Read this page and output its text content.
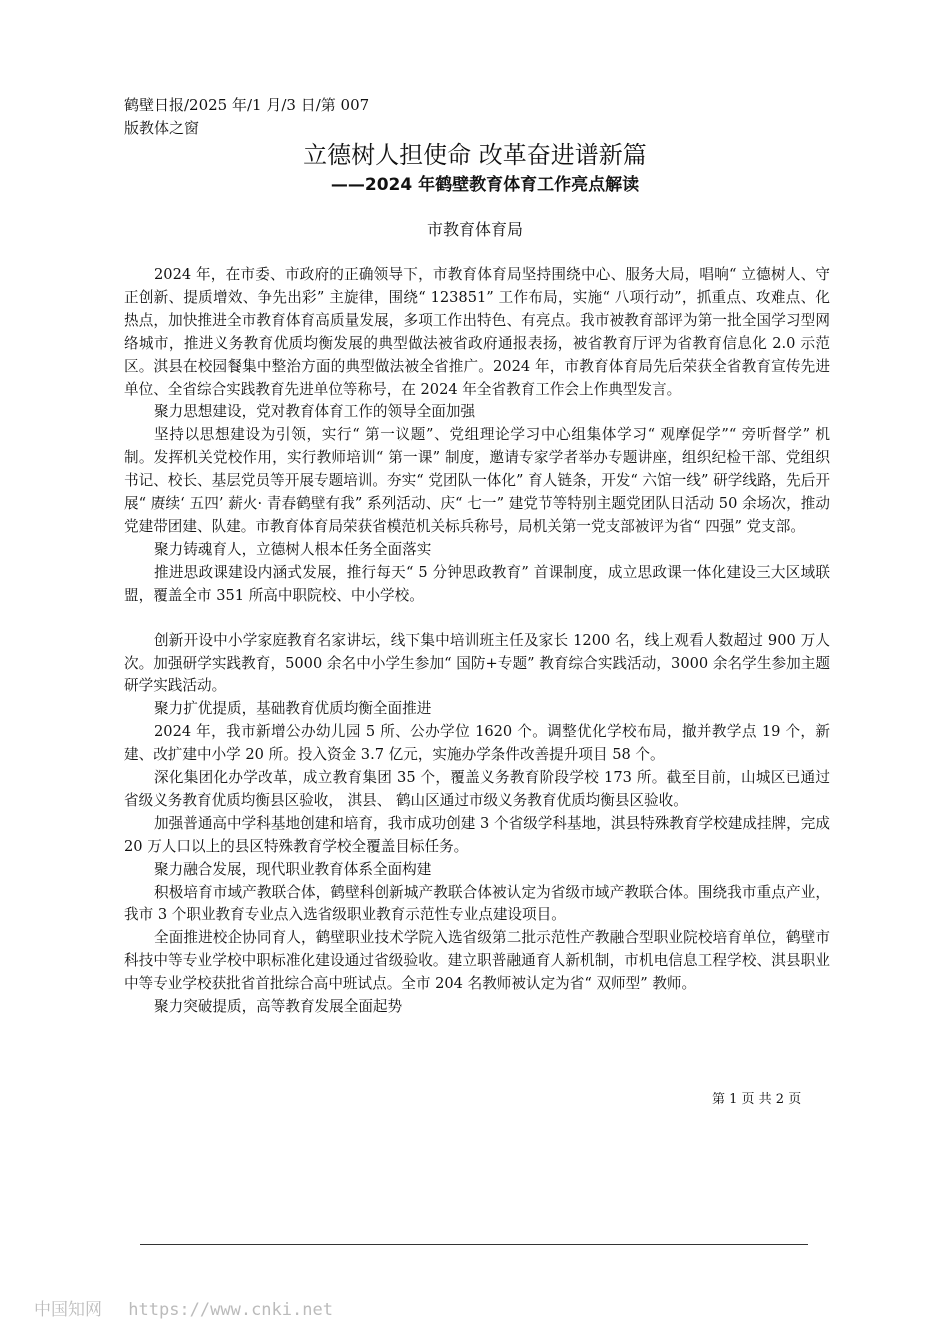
鹤壁日报/2025 年/1 月/3 日/第 007
版教体之窗
立德树人担使命 改革奋进谱新篇
——2024 年鹤壁教育体育工作亮点解读
市教育体育局

2024 年，在市委、市政府的正确领导下，市教育体育局坚持围绕中心、服务大局，唱响“ 立德树人、守正创新、提质增效、争先出彩” 主旋律，围绕“ 123851” 工作布局，实施“ 八项行动”，抓重点、攻难点、化热点，加快推进全市教育体育高质量发展，多项工作出特色、有亮点。我市被教育部评为第一批全国学习型网络城市，推进义务教育优质均衡发展的典型做法被省政府通报表扬，被省教育厅评为省教育信息化 2.0 示范区。淇县在校园餐集中整治方面的典型做法被全省推广。2024 年，市教育体育局先后荣获全省教育宣传先进单位、全省综合实践教育先进单位等称号，在 2024 年全省教育工作会上作典型发言。

聚力思想建设，党对教育体育工作的领导全面加强

坚持以思想建设为引领，实行“ 第一议题”、党组理论学习中心组集体学习“ 观摩促学”“ 旁听督学” 机制。发挥机关党校作用，实行教师培训“ 第一课” 制度，邀请专家学者举办专题讲座，组织纪检干部、党组织书记、校长、基层党员等开展专题培训。夯实“ 党团队一体化” 育人链条，开发“ 六馆一线” 研学线路，先后开展“ 赓续‘ 五四’ 薪火· 青春鹤壁有我” 系列活动、庆“ 七一” 建党节等特别主题党团队日活动 50 余场次，推动党建带团建、队建。市教育体育局荣获省模范机关标兵称号，局机关第一党支部被评为省“ 四强” 党支部。

聚力铸魂育人，立德树人根本任务全面落实

推进思政课建设内涵式发展，推行每天“ 5 分钟思政教育” 首课制度，成立思政课一体化建设三大区域联盟，覆盖全市 351 所高中职院校、中小学校。

创新开设中小学家庭教育名家讲坛，线下集中培训班主任及家长 1200 名，线上观看人数超过 900 万人次。加强研学实践教育，5000 余名中小学生参加“ 国防+专题” 教育综合实践活动，3000 余名学生参加主题研学实践活动。

聚力扩优提质，基础教育优质均衡全面推进

2024 年，我市新增公办幼儿园 5 所、公办学位 1620 个。调整优化学校布局，撤并教学点 19 个，新建、改扩建中小学 20 所。投入资金 3.7 亿元，实施办学条件改善提升项目 58 个。

深化集团化办学改革，成立教育集团 35 个，覆盖义务教育阶段学校 173 所。截至目前，山城区已通过省级义务教育优质均衡县区验收， 淇县、 鹤山区通过市级义务教育优质均衡县区验收。

加强普通高中学科基地创建和培育，我市成功创建 3 个省级学科基地，淇县特殊教育学校建成挂牌，完成 20 万人口以上的县区特殊教育学校全覆盖目标任务。

聚力融合发展，现代职业教育体系全面构建

积极培育市域产教联合体，鹤壁科创新城产教联合体被认定为省级市域产教联合体。围绕我市重点产业，我市 3 个职业教育专业点入选省级职业教育示范性专业点建设项目。

全面推进校企协同育人，鹤壁职业技术学院入选省级第二批示范性产教融合型职业院校培育单位，鹤壁市科技中等专业学校中职标准化建设通过省级验收。建立职普融通育人新机制，市机电信息工程学校、淇县职业中等专业学校获批省首批综合高中班试点。全市 204 名教师被认定为省“ 双师型” 教师。

聚力突破提质，高等教育发展全面起势

第 1 页 共 2 页
中国知网 https://www.cnki.net
